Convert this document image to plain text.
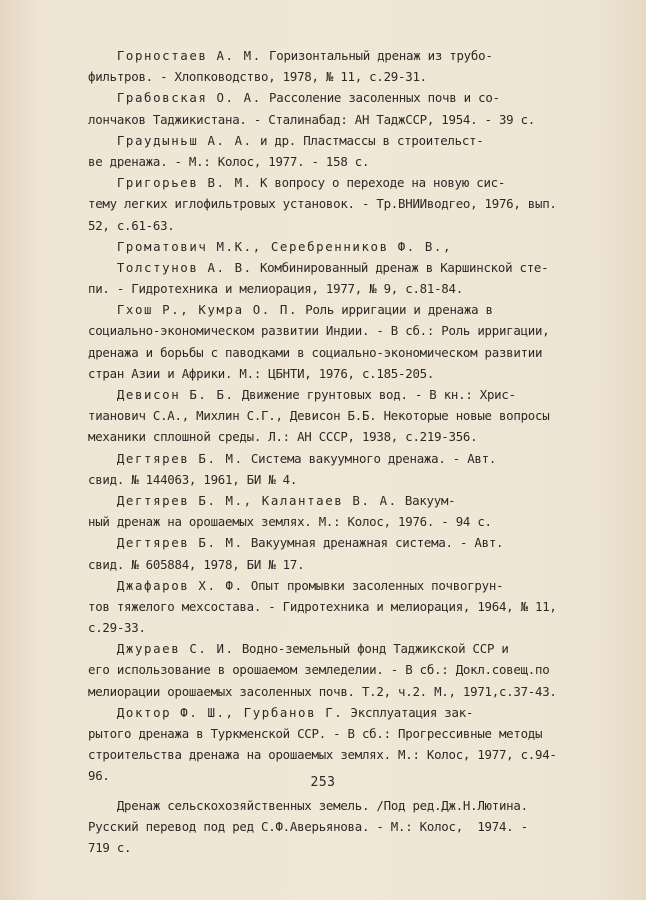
Горностаев А. М. Горизонтальный дренаж из трубо-
фильтров. - Хлопководство, 1978, № 11, с.29-31.
Грабовская О. А. Рассоление засоленных почв и со-
лончаков Таджикистана. - Сталинабад: АН ТаджССР, 1954. - 39 с.
Граудыньш А. А. и др. Пластмассы в строительст-
ве дренажа. - М.: Колос, 1977. - 158 с.
Григорьев В. М. К вопросу о переходе на новую сис-
тему легких иглофильтровых установок. - Тр.ВНИИводгео, 1976, вып.
52, с.61-63.
Громатович М.К., Серебренников Ф. В.,
Толстунов А. В. Комбинированный дренаж в Каршинской сте-
пи. - Гидротехника и мелиорация, 1977, № 9, с.81-84.
Гхош Р., Кумра О. П. Роль ирригации и дренажа в
социально-экономическом развитии Индии. - В сб.: Роль ирригации,
дренажа и борьбы с паводками в социально-экономическом развитии
стран Азии и Африки. М.: ЦБНТИ, 1976, с.185-205.
Девисон Б. Б. Движение грунтовых вод. - В кн.: Хрис-
тианович С.А., Михлин С.Г., Девисон Б.Б. Некоторые новые вопросы
механики сплошной среды. Л.: АН СССР, 1938, с.219-356.
Дегтярев Б. М. Система вакуумного дренажа. - Авт.
свид. № 144063, 1961, БИ № 4.
Дегтярев Б. М., Калантаев В. А. Вакуум-
ный дренаж на орошаемых землях. М.: Колос, 1976. - 94 с.
Дегтярев Б. М. Вакуумная дренажная система. - Авт.
свид. № 605884, 1978, БИ № 17.
Джафаров Х. Ф. Опыт промывки засоленных почвогрун-
тов тяжелого мехсостава. - Гидротехника и мелиорация, 1964, № 11,
с.29-33.
Джураев С. И. Водно-земельный фонд Таджикской ССР и
его использование в орошаемом земледелии. - В сб.: Докл.совещ.по
мелиорации орошаемых засоленных почв. Т.2, ч.2. М., 1971,с.37-43.
Доктор Ф. Ш., Гурбанов Г. Эксплуатация зак-
рытого дренажа в Туркменской ССР. - В сб.: Прогрессивные методы
строительства дренажа на орошаемых землях. М.: Колос, 1977, с.94-
96.
Дренаж сельскохозяйственных земель. /Под ред.Дж.Н.Лютина.
Русский перевод под ред С.Ф.Аверьянова. - М.: Колос,  1974. -
719 с.
253
